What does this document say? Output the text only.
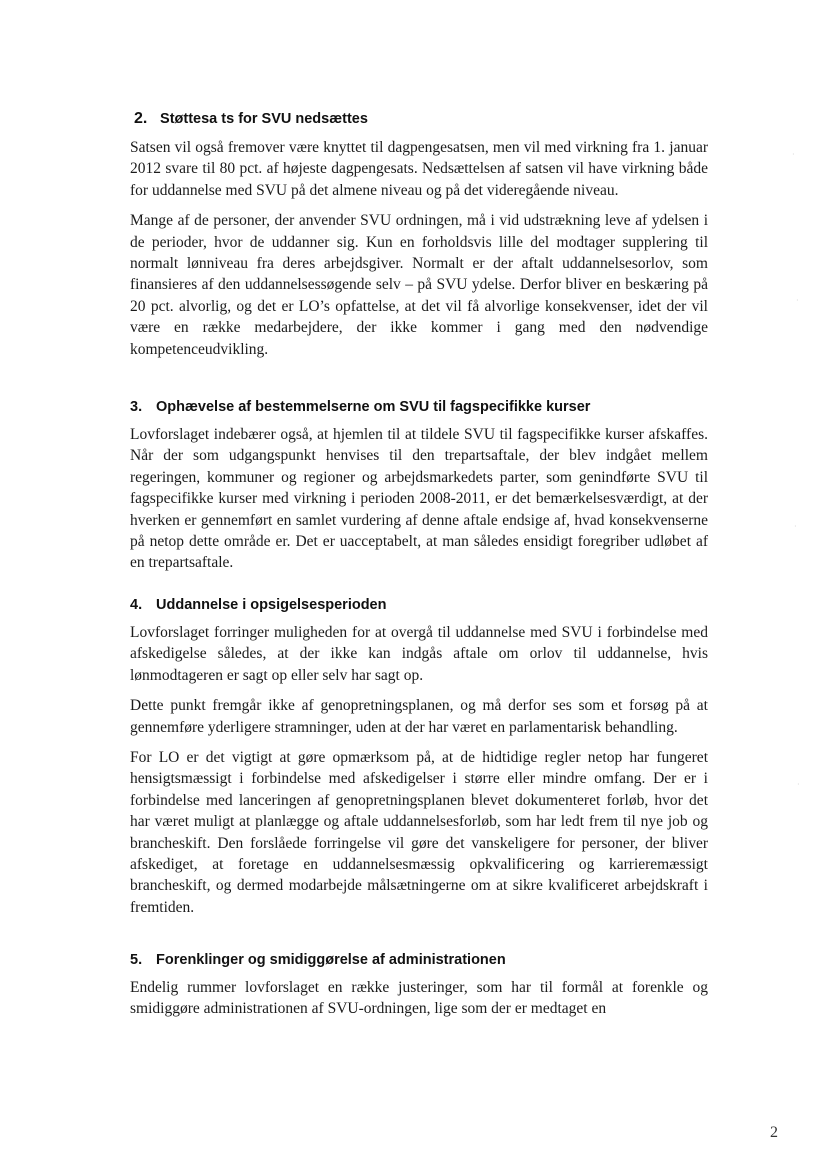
2. Støttesa ts for SVU nedsættes

Satsen vil også fremover være knyttet til dagpengesatsen, men vil med virkning fra 1. januar 2012 svare til 80 pct. af højeste dagpengesats. Nedsættelsen af satsen vil have virkning både for uddannelse med SVU på det almene niveau og på det videregående niveau.

Mange af de personer, der anvender SVU ordningen, må i vid udstrækning leve af ydelsen i de perioder, hvor de uddanner sig. Kun en forholdsvis lille del modtager supplering til normalt lønniveau fra deres arbejdsgiver. Normalt er der aftalt uddannelsesorlov, som finansieres af den uddannelsessøgende selv – på SVU ydelse. Derfor bliver en beskæring på 20 pct. alvorlig, og det er LO’s opfattelse, at det vil få alvorlige konsekvenser, idet der vil være en række medarbejdere, der ikke kommer i gang med den nødvendige kompetenceudvikling.

3. Ophævelse af bestemmelserne om SVU til fagspecifikke kurser

Lovforslaget indebærer også, at hjemlen til at tildele SVU til fagspecifikke kurser afskaffes. Når der som udgangspunkt henvises til den trepartsaftale, der blev indgået mellem regeringen, kommuner og regioner og arbejdsmarkedets parter, som genindførte SVU til fagspecifikke kurser med virkning i perioden 2008-2011, er det bemærkelsesværdigt, at der hverken er gennemført en samlet vurdering af denne aftale endsige af, hvad konsekvenserne på netop dette område er. Det er uacceptabelt, at man således ensidigt foregriber udløbet af en trepartsaftale.

4. Uddannelse i opsigelsesperioden

Lovforslaget forringer muligheden for at overgå til uddannelse med SVU i forbindelse med afskedigelse således, at der ikke kan indgås aftale om orlov til uddannelse, hvis lønmodtageren er sagt op eller selv har sagt op.

Dette punkt fremgår ikke af genopretningsplanen, og må derfor ses som et forsøg på at gennemføre yderligere stramninger, uden at der har været en parlamentarisk behandling.

For LO er det vigtigt at gøre opmærksom på, at de hidtidige regler netop har fungeret hensigtsmæssigt i forbindelse med afskedigelser i større eller mindre omfang. Der er i forbindelse med lanceringen af genopretningsplanen blevet dokumenteret forløb, hvor det har været muligt at planlægge og aftale uddannelsesforløb, som har ledt frem til nye job og brancheskift. Den forslåede forringelse vil gøre det vanskeligere for personer, der bliver afskediget, at foretage en uddannelsesmæssig opkvalificering og karrieremæssigt brancheskift, og dermed modarbejde målsætningerne om at sikre kvalificeret arbejdskraft i fremtiden.

5. Forenklinger og smidiggørelse af administrationen

Endelig rummer lovforslaget en række justeringer, som har til formål at forenkle og smidiggøre administrationen af SVU-ordningen, lige som der er medtaget en

2
·
·
·
·
